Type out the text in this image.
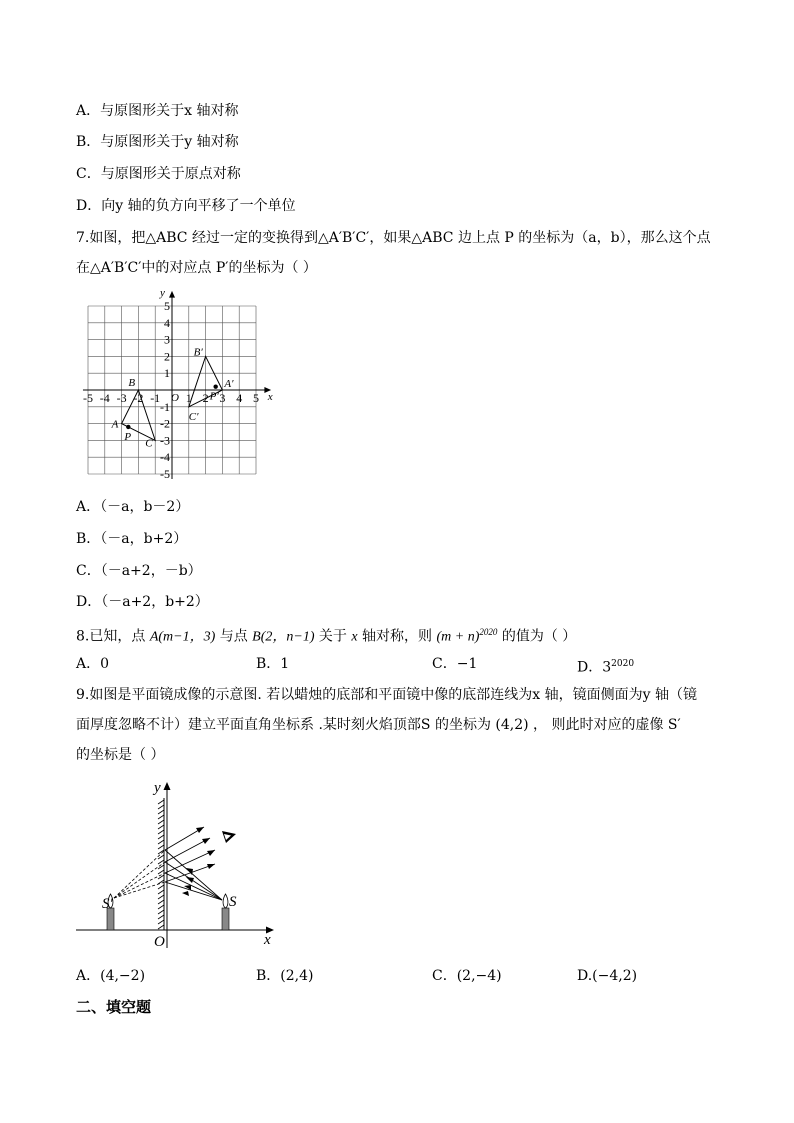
A．与原图形关于x 轴对称
B．与原图形关于y 轴对称
C．与原图形关于原点对称
D．向y 轴的负方向平移了一个单位
7.如图，把△ABC 经过一定的变换得到△A′B′C′，如果△ABC 边上点 P 的坐标为（a，b），那么这个点
在△A′B′C′中的对应点 P′的坐标为（ ）
-5 -4 -3 -2 -1 1 2 3 4 5
5
4
3
2
1
-1
-2
-3
-4
-5
x
y
O
A
B
C
A′
B′
C′
P
P′
A．（－a，b－2）
B．（－a，b+2）
C．（－a+2，－b）
D．（－a+2，b+2）
8.已知，点 A(m−1，3) 与点 B(2，n−1) 关于 x 轴对称，则 $(m + n)^{2020}$ 的值为（ ）
A．0	B．1	C．−1	D．$3^{2020}$
9.如图是平面镜成像的示意图. 若以蜡烛的底部和平面镜中像的底部连线为x 轴，镜面侧面为y 轴（镜
面厚度忽略不计）建立平面直角坐标系 .某时刻火焰顶部S 的坐标为 (4,2) ， 则此时对应的虚像 S′
的坐标是（ ）
S′	S
O	x
y
A．(4,−2)	B．(2,4)	C．(2,−4)	D.(−4,2)
二、填空题
